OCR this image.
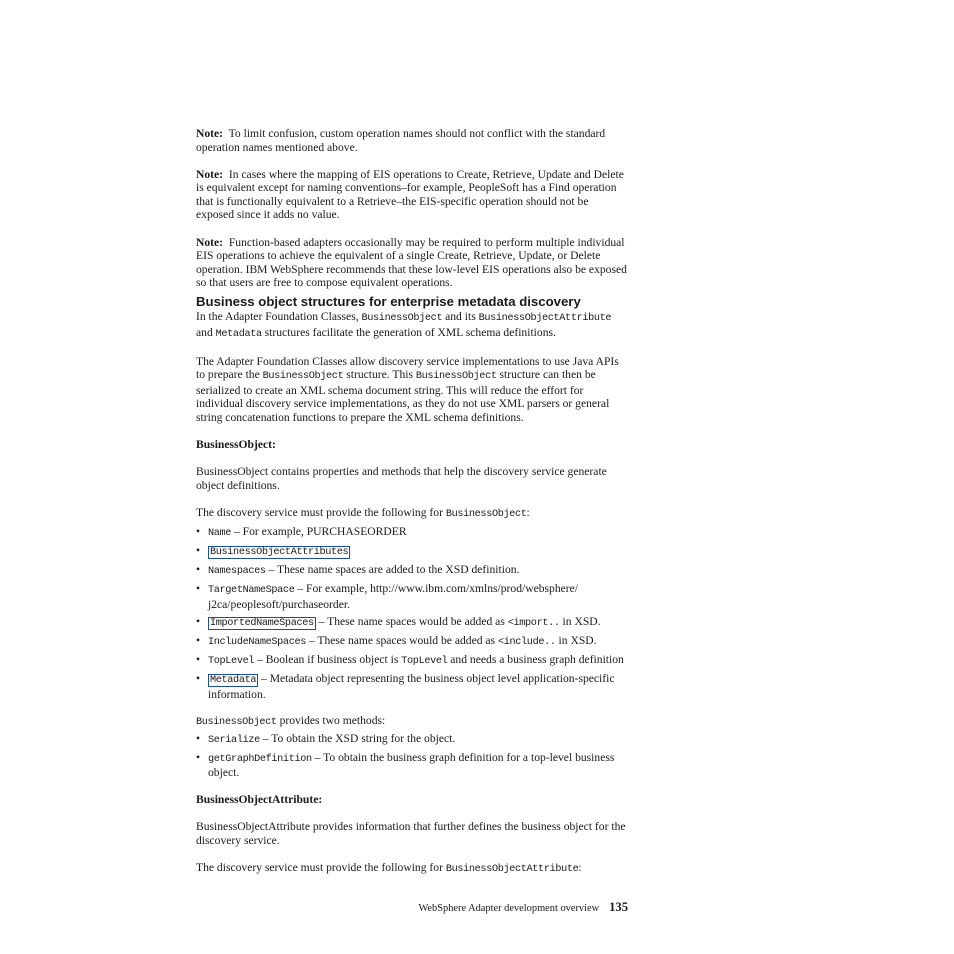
Note: To limit confusion, custom operation names should not conflict with the standard operation names mentioned above.

Note: In cases where the mapping of EIS operations to Create, Retrieve, Update and Delete is equivalent except for naming conventions–for example, PeopleSoft has a Find operation that is functionally equivalent to a Retrieve–the EIS-specific operation should not be exposed since it adds no value.

Note: Function-based adapters occasionally may be required to perform multiple individual EIS operations to achieve the equivalent of a single Create, Retrieve, Update, or Delete operation. IBM WebSphere recommends that these low-level EIS operations also be exposed so that users are free to compose equivalent operations.

Business object structures for enterprise metadata discovery

In the Adapter Foundation Classes, BusinessObject and its BusinessObjectAttribute and Metadata structures facilitate the generation of XML schema definitions.

The Adapter Foundation Classes allow discovery service implementations to use Java APIs to prepare the BusinessObject structure. This BusinessObject structure can then be serialized to create an XML schema document string. This will reduce the effort for individual discovery service implementations, as they do not use XML parsers or general string concatenation functions to prepare the XML schema definitions.

BusinessObject:

BusinessObject contains properties and methods that help the discovery service generate object definitions.

The discovery service must provide the following for BusinessObject:

• Name – For example, PURCHASEORDER
• BusinessObjectAttributes
• Namespaces – These name spaces are added to the XSD definition.
• TargetNameSpace – For example, http://www.ibm.com/xmlns/prod/websphere/ j2ca/peoplesoft/purchaseorder.
• ImportedNameSpaces – These name spaces would be added as <import.. in XSD.
• IncludeNameSpaces – These name spaces would be added as <include.. in XSD.
• TopLevel – Boolean if business object is TopLevel and needs a business graph definition
• Metadata – Metadata object representing the business object level application-specific information.

BusinessObject provides two methods:

• Serialize – To obtain the XSD string for the object.
• getGraphDefinition – To obtain the business graph definition for a top-level business object.

BusinessObjectAttribute:

BusinessObjectAttribute provides information that further defines the business object for the discovery service.

The discovery service must provide the following for BusinessObjectAttribute:

WebSphere Adapter development overview 135
